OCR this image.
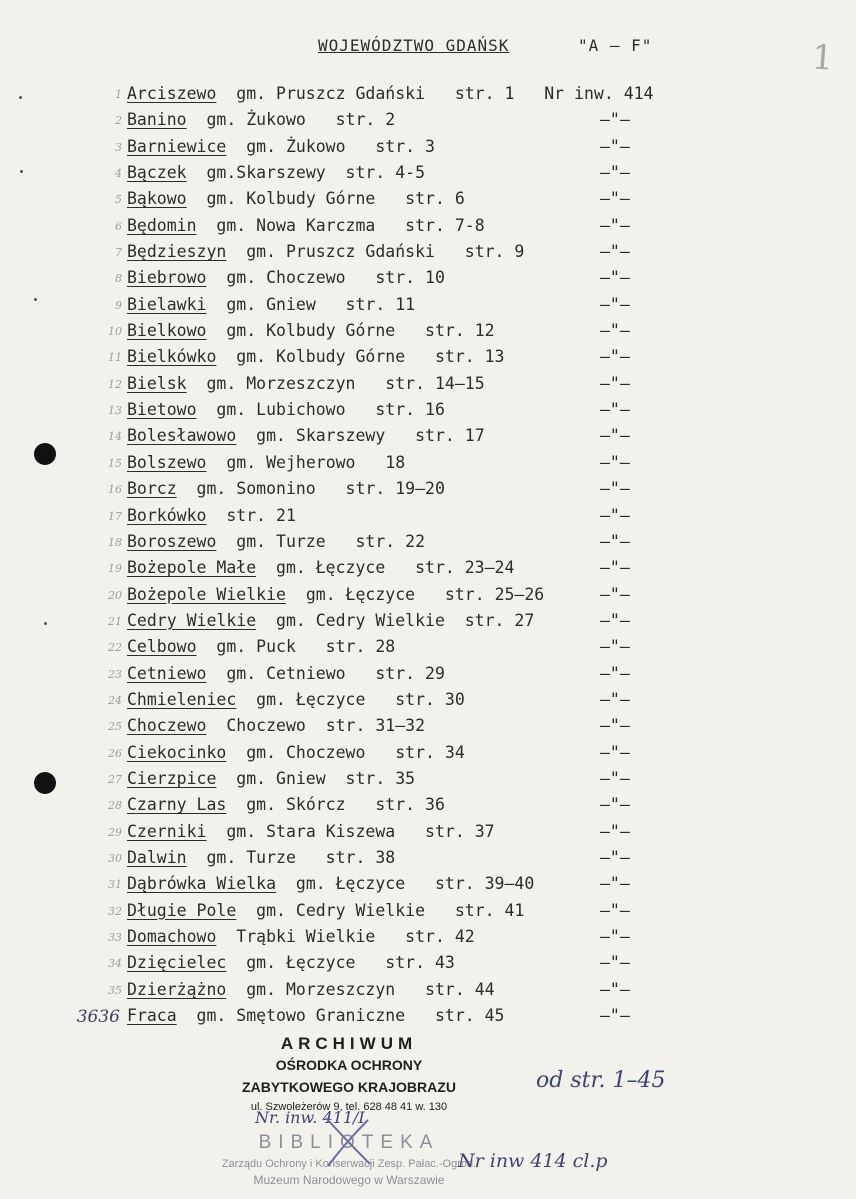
WOJEWÓDZTWO GDAŃSK	"A – F"	1
1 Arciszewo  gm. Pruszcz Gdański   str. 1   Nr inw. 414
2 Banino  gm. Żukowo   str. 2	–"–
3 Barniewice  gm. Żukowo   str. 3	–"–
4 Bączek  gm.Skarszewy  str. 4-5	–"–
5 Bąkowo  gm. Kolbudy Górne   str. 6	–"–
6 Będomin  gm. Nowa Karczma   str. 7-8	–"–
7 Będzieszyn  gm. Pruszcz Gdański   str. 9	–"–
8 Biebrowo  gm. Choczewo   str. 10	–"–
9 Bielawki  gm. Gniew   str. 11	–"–
10 Bielkowo  gm. Kolbudy Górne   str. 12	–"–
11 Bielkówko  gm. Kolbudy Górne   str. 13	–"–
12 Bielsk  gm. Morzeszczyn   str. 14–15	–"–
13 Bietowo  gm. Lubichowo   str. 16	–"–
14 Bolesławowo  gm. Skarszewy   str. 17	–"–
15 Bolszewo  gm. Wejherowo   18	–"–
16 Borcz  gm. Somonino   str. 19–20	–"–
17 Borkówko  str. 21	–"–
18 Boroszewo  gm. Turze   str. 22	–"–
19 Bożepole Małe  gm. Łęczyce   str. 23–24	–"–
20 Bożepole Wielkie  gm. Łęczyce   str. 25–26	–"–
21 Cedry Wielkie  gm. Cedry Wielkie  str. 27	–"–
22 Celbowo  gm. Puck   str. 28	–"–
23 Cetniewo  gm. Cetniewo   str. 29	–"–
24 Chmieleniec  gm. Łęczyce   str. 30	–"–
25 Choczewo  Choczewo  str. 31–32	–"–
26 Ciekocinko  gm. Choczewo   str. 34	–"–
27 Cierzpice  gm. Gniew  str. 35	–"–
28 Czarny Las  gm. Skórcz   str. 36	–"–
29 Czerniki  gm. Stara Kiszewa   str. 37	–"–
30 Dalwin  gm. Turze   str. 38	–"–
31 Dąbrówka Wielka  gm. Łęczyce   str. 39–40	–"–
32 Długie Pole  gm. Cedry Wielkie   str. 41	–"–
33 Domachowo  Trąbki Wielkie   str. 42	–"–
34 Dzięcielec  gm. Łęczyce   str. 43	–"–
35 Dzierżążno  gm. Morzeszczyn   str. 44	–"–
3636 Fraca  gm. Smętowo Graniczne   str. 45	–"–
ARCHIWUM
OŚRODKA OCHRONY
ZABYTKOWEGO KRAJOBRAZU
ul. Szwoleżerów 9, tel. 628 48 41 w. 130
Nr. inw. 411/I
BIBLIOTEKA
Zarządu Ochrony i Konserwacji Zesp. Pałac.-Ogrod.
Muzeum Narodowego w Warszawie
od str. 1–45
Nr inw 414 cl.p
